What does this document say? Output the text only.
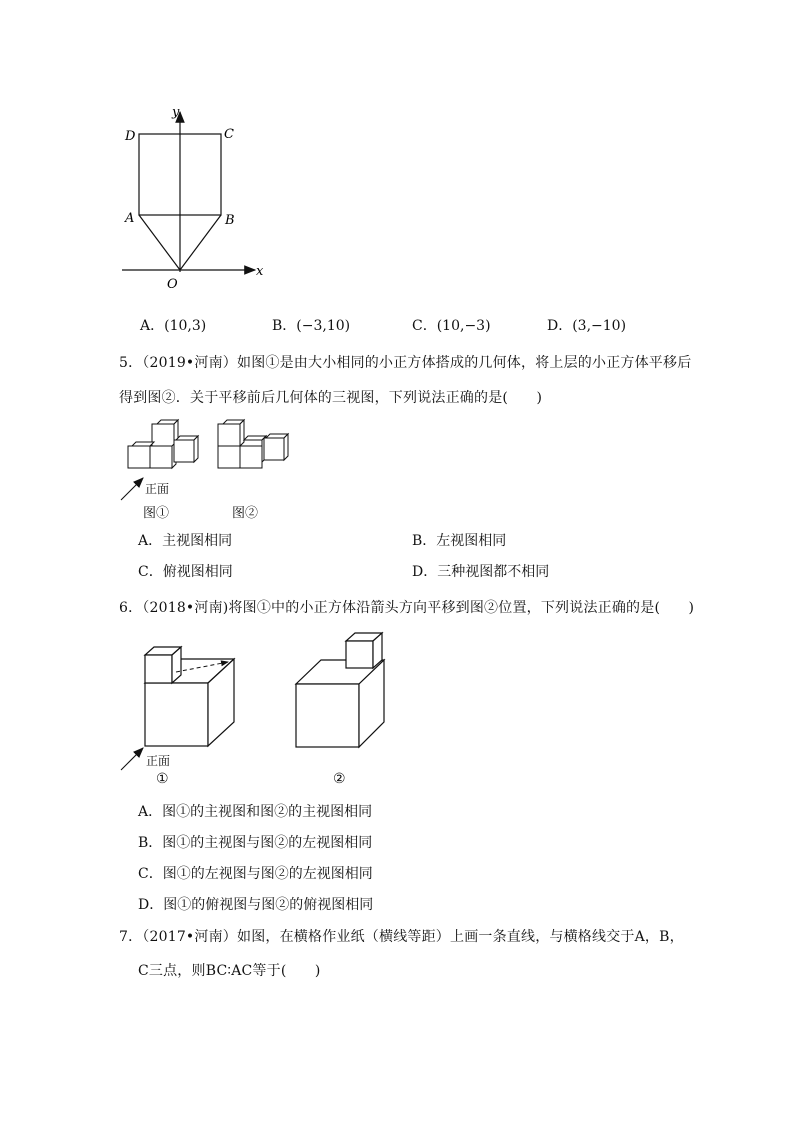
y
x
D	C
A	B
O
A．(10,3)	B．(−3,10)	C．(10,−3)	D．(3,−10)
5．（2019•河南）如图①是由大小相同的小正方体搭成的几何体，将上层的小正方体平移后
得到图②．关于平移前后几何体的三视图，下列说法正确的是(　　)
正面
图①	图②
A．主视图相同	B．左视图相同
C．俯视图相同	D．三种视图都不相同
6．（2018•河南)将图①中的小正方体沿箭头方向平移到图②位置，下列说法正确的是(　　)
正面
①	②
A．图①的主视图和图②的主视图相同
B．图①的主视图与图②的左视图相同
C．图①的左视图与图②的左视图相同
D．图①的俯视图与图②的俯视图相同
7．（2017•河南）如图，在横格作业纸（横线等距）上画一条直线，与横格线交于A，B，
C三点，则BC∶AC等于(　　)
